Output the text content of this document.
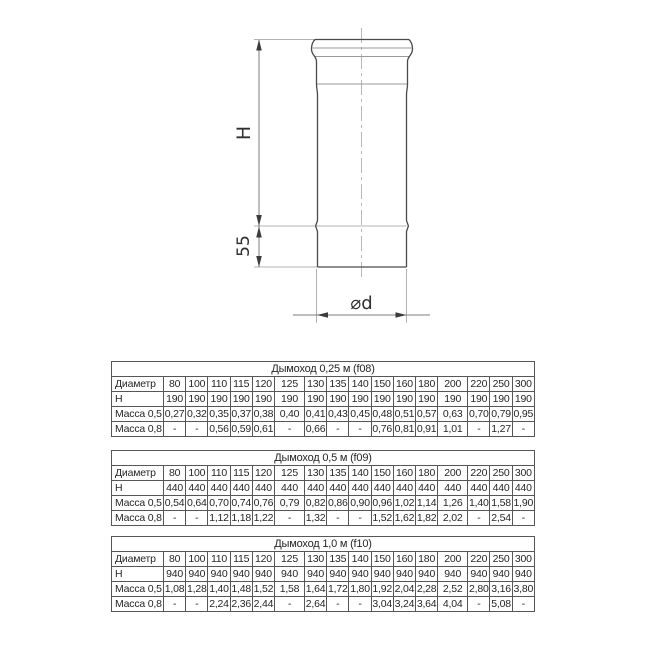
H
55
⌀d
Дымоход 0,25 м (f08)																
Диаметр	80	100	110	115	120	125	130	135	140	150	160	180	200	220	250	300
Н	190	190	190	190	190	190	190	190	190	190	190	190	190	190	190	190
Масса 0,5	0,27	0,32	0,35	0,37	0,38	0,40	0,41	0,43	0,45	0,48	0,51	0,57	0,63	0,70	0,79	0,95
Масса 0,8	-	-	0,56	0,59	0,61	-	0,66	-	-	0,76	0,81	0,91	1,01	-	1,27	-
Дымоход 0,5 м (f09)																
Диаметр	80	100	110	115	120	125	130	135	140	150	160	180	200	220	250	300
Н	440	440	440	440	440	440	440	440	440	440	440	440	440	440	440	440
Масса 0,5	0,54	0,64	0,70	0,74	0,76	0,79	0,82	0,86	0,90	0,96	1,02	1,14	1,26	1,40	1,58	1,90
Масса 0,8	-	-	1,12	1,18	1,22	-	1,32	-	-	1,52	1,62	1,82	2,02	-	2,54	-
Дымоход 1,0 м (f10)																
Диаметр	80	100	110	115	120	125	130	135	140	150	160	180	200	220	250	300
Н	940	940	940	940	940	940	940	940	940	940	940	940	940	940	940	940
Масса 0,5	1,08	1,28	1,40	1,48	1,52	1,58	1,64	1,72	1,80	1,92	2,04	2,28	2,52	2,80	3,16	3,80
Масса 0,8	-	-	2,24	2,36	2,44	-	2,64	-	-	3,04	3,24	3,64	4,04	-	5,08	-
